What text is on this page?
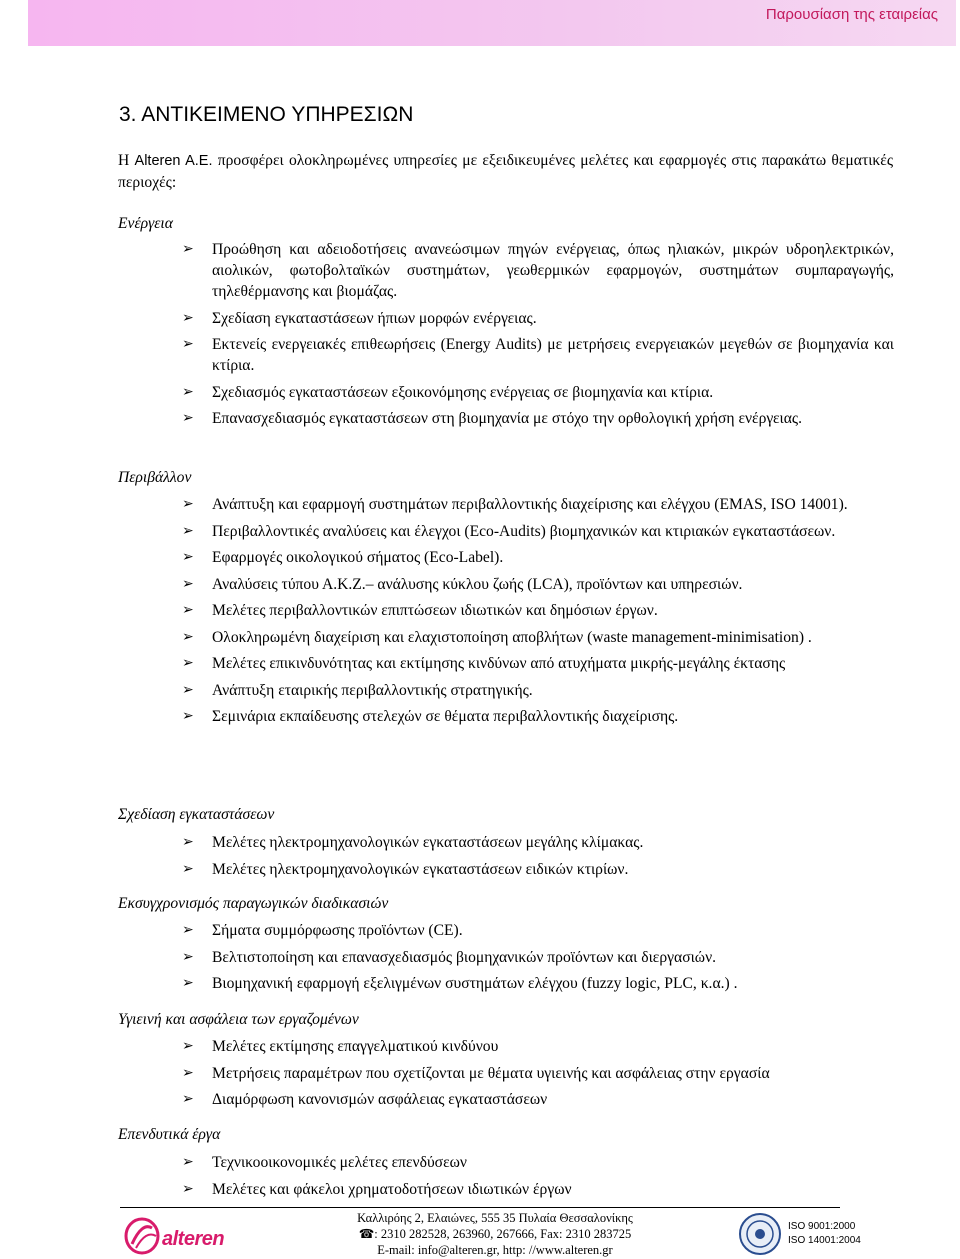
Παρουσίαση της εταιρείας
3. ΑΝΤΙΚΕΙΜΕΝΟ ΥΠΗΡΕΣΙΩΝ
Η Alteren A.E. προσφέρει ολοκληρωμένες υπηρεσίες με εξειδικευμένες μελέτες και εφαρμογές στις παρακάτω θεματικές περιοχές:
Ενέργεια
➢ Προώθηση και αδειοδοτήσεις ανανεώσιμων πηγών ενέργειας, όπως ηλιακών, μικρών υδροηλεκτρικών, αιολικών, φωτοβολταϊκών συστημάτων, γεωθερμικών εφαρμογών, συστημάτων συμπαραγωγής, τηλεθέρμανσης και βιομάζας.
➢ Σχεδίαση εγκαταστάσεων ήπιων μορφών ενέργειας.
➢ Εκτενείς ενεργειακές επιθεωρήσεις (Energy Audits) με μετρήσεις ενεργειακών μεγεθών σε βιομηχανία και κτίρια.
➢ Σχεδιασμός εγκαταστάσεων εξοικονόμησης ενέργειας σε βιομηχανία και κτίρια.
➢ Επανασχεδιασμός εγκαταστάσεων στη βιομηχανία με στόχο την ορθολογική χρήση ενέργειας.
Περιβάλλον
➢ Ανάπτυξη και εφαρμογή συστημάτων περιβαλλοντικής διαχείρισης και ελέγχου (EMAS, ISO 14001).
➢ Περιβαλλοντικές αναλύσεις και έλεγχοι (Eco-Audits) βιομηχανικών και κτιριακών εγκαταστάσεων.
➢ Εφαρμογές οικολογικού σήματος (Eco-Label).
➢ Αναλύσεις τύπου Α.Κ.Ζ.– ανάλυσης κύκλου ζωής (LCA), προϊόντων και υπηρεσιών.
➢ Μελέτες περιβαλλοντικών επιπτώσεων ιδιωτικών και δημόσιων έργων.
➢ Ολοκληρωμένη διαχείριση και ελαχιστοποίηση αποβλήτων (waste management-minimisation) .
➢ Μελέτες επικινδυνότητας και εκτίμησης κινδύνων από ατυχήματα μικρής-μεγάλης έκτασης
➢ Ανάπτυξη εταιρικής περιβαλλοντικής στρατηγικής.
➢ Σεμινάρια εκπαίδευσης στελεχών σε θέματα περιβαλλοντικής διαχείρισης.
Σχεδίαση εγκαταστάσεων
➢ Μελέτες ηλεκτρομηχανολογικών εγκαταστάσεων μεγάλης κλίμακας.
➢ Μελέτες ηλεκτρομηχανολογικών εγκαταστάσεων ειδικών κτιρίων.
Εκσυγχρονισμός παραγωγικών διαδικασιών
➢ Σήματα συμμόρφωσης προϊόντων (CE).
➢ Βελτιστοποίηση και επανασχεδιασμός βιομηχανικών προϊόντων και διεργασιών.
➢ Βιομηχανική εφαρμογή εξελιγμένων συστημάτων ελέγχου (fuzzy logic, PLC, κ.α.) .
Υγιεινή και ασφάλεια των εργαζομένων
➢ Μελέτες εκτίμησης επαγγελματικού κινδύνου
➢ Μετρήσεις παραμέτρων που σχετίζονται με θέματα υγιεινής και ασφάλειας στην εργασία
➢ Διαμόρφωση κανονισμών ασφάλειας εγκαταστάσεων
Επενδυτικά έργα
➢ Τεχνικοοικονομικές μελέτες επενδύσεων
➢ Μελέτες και φάκελοι χρηματοδοτήσεων ιδιωτικών έργων
alteren
Καλλιρόης 2, Ελαιώνες, 555 35 Πυλαία Θεσσαλονίκης
☎: 2310 282528, 263960, 267666, Fax: 2310 283725
E-mail: info@alteren.gr, http: //www.alteren.gr
ISO 9001:2000
ISO 14001:2004
